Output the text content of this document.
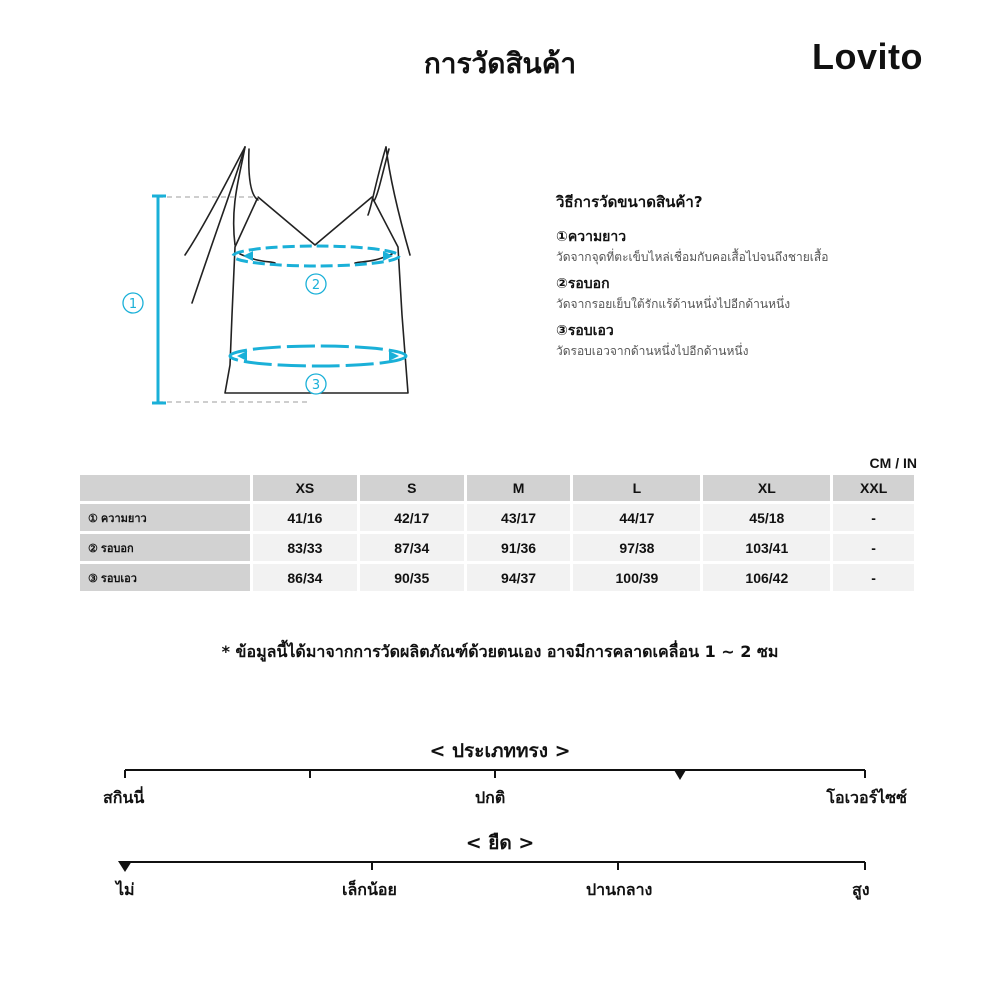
การวัดสินค้า	Lovito
1
2
3
วิธีการวัดขนาดสินค้า?
①ความยาว
วัดจากจุดที่ตะเข็บไหล่เชื่อมกับคอเสื้อไปจนถึงชายเสื้อ
②รอบอก
วัดจากรอยเย็บใต้รักแร้ด้านหนึ่งไปอีกด้านหนึ่ง
③รอบเอว
วัดรอบเอวจากด้านหนึ่งไปอีกด้านหนึ่ง
CM / IN
	XS	S	M	L	XL	XXL
① ความยาว	41/16	42/17	43/17	44/17	45/18	-
② รอบอก	83/33	87/34	91/36	97/38	103/41	-
③ รอบเอว	86/34	90/35	94/37	100/39	106/42	-
* ข้อมูลนี้ได้มาจากการวัดผลิตภัณฑ์ด้วยตนเอง อาจมีการคลาดเคลื่อน 1 ~ 2 ซม
< ประเภททรง >
สกินนี่	ปกติ	โอเวอร์ไซซ์
< ยืด >
ไม่	เล็กน้อย	ปานกลาง	สูง
